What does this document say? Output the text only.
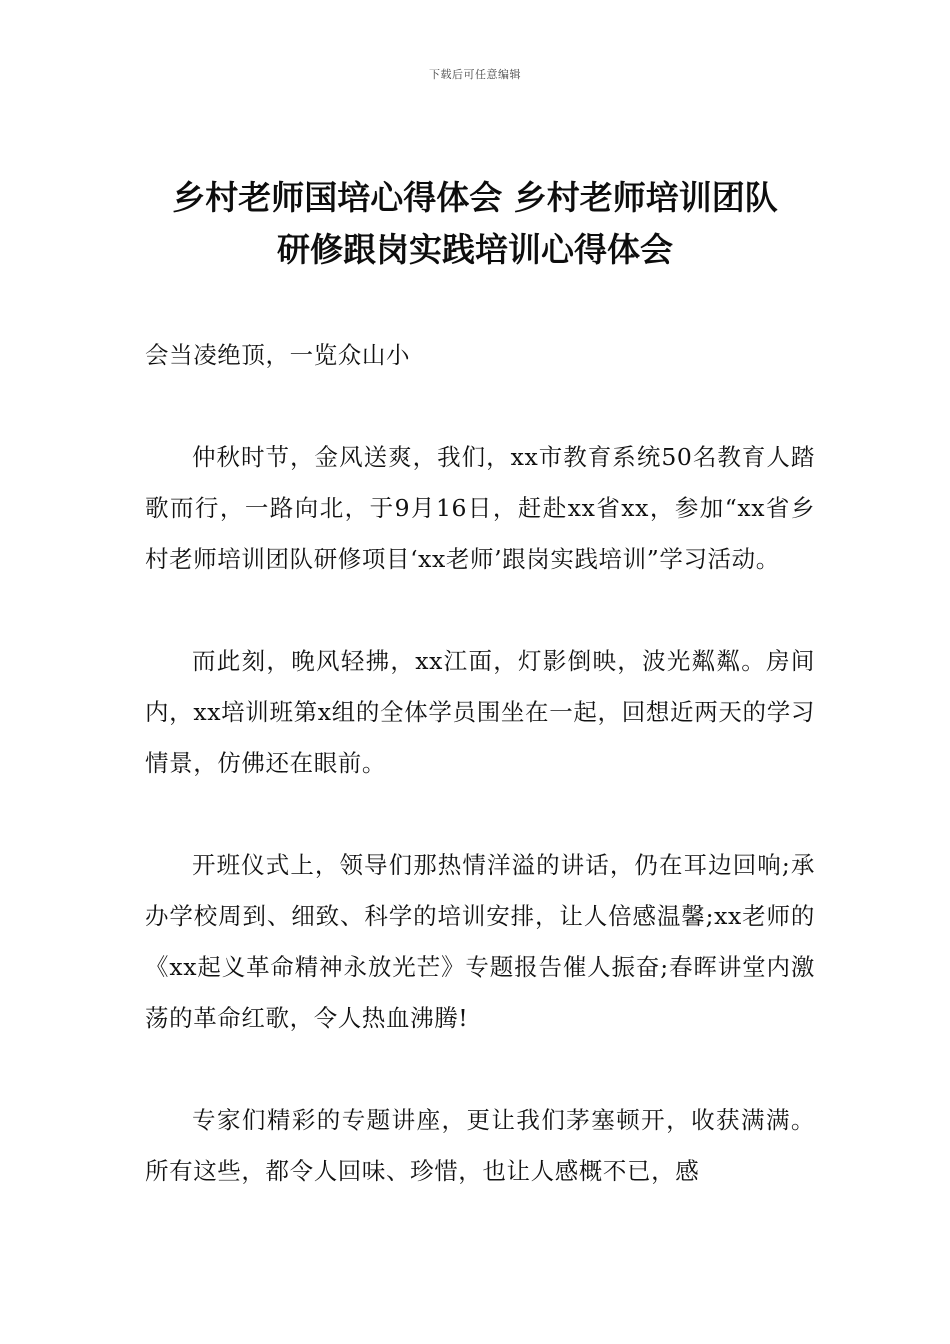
下载后可任意编辑
乡村老师国培心得体会 乡村老师培训团队
研修跟岗实践培训心得体会

会当凌绝顶，一览众山小

仲秋时节，金风送爽，我们，xx市教育系统50名教育人踏歌而行，一路向北，于9月16日，赶赴xx省xx，参加“xx省乡村老师培训团队研修项目‘xx老师’跟岗实践培训”学习活动。

而此刻，晚风轻拂，xx江面，灯影倒映，波光粼粼。房间内，xx培训班第x组的全体学员围坐在一起，回想近两天的学习情景，仿佛还在眼前。

开班仪式上，领导们那热情洋溢的讲话，仍在耳边回响;承办学校周到、细致、科学的培训安排，让人倍感温馨;xx老师的《xx起义革命精神永放光芒》专题报告催人振奋;春晖讲堂内激荡的革命红歌，令人热血沸腾!

专家们精彩的专题讲座，更让我们茅塞顿开，收获满满。所有这些，都令人回味、珍惜，也让人感概不已，感
